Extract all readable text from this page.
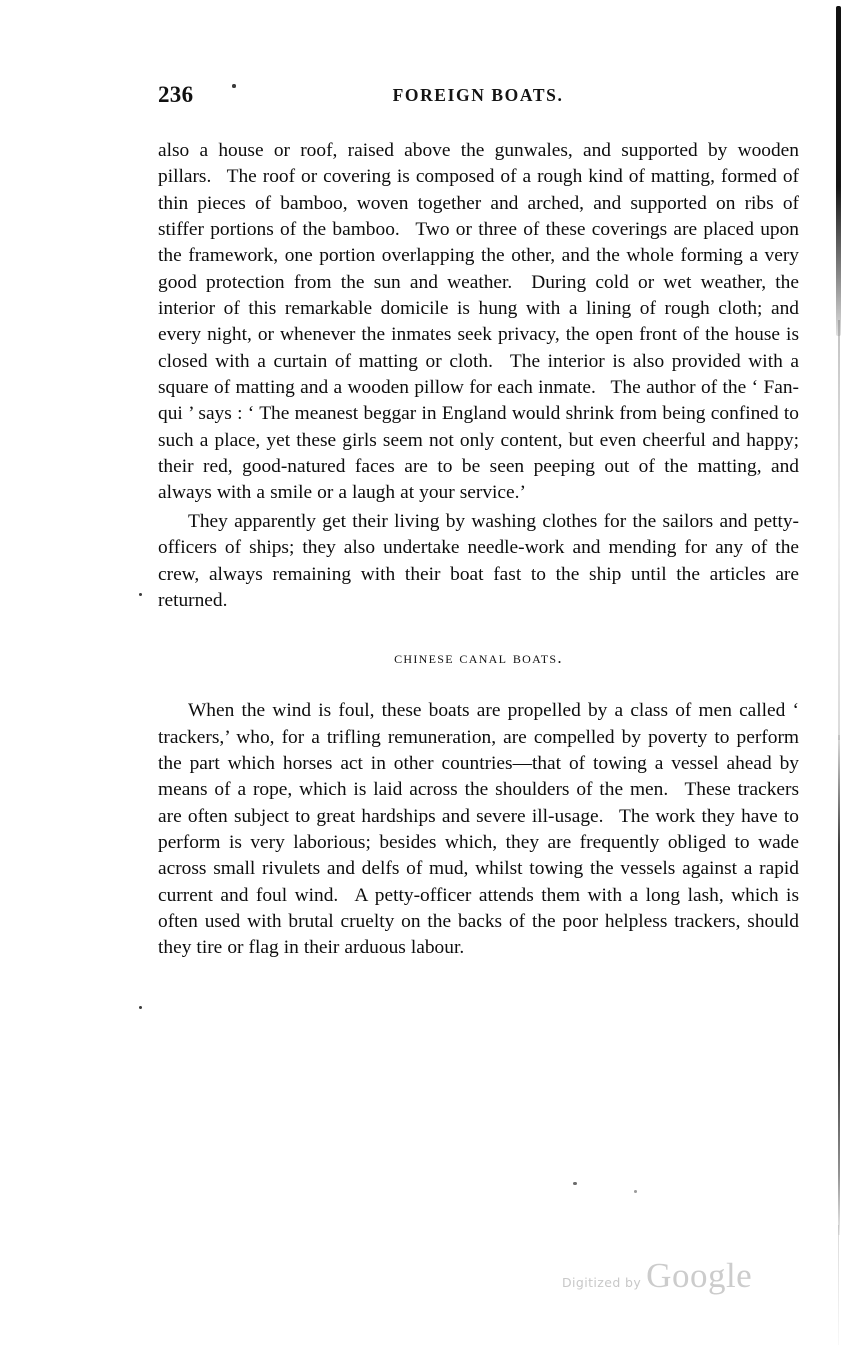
236	FOREIGN BOATS.

also a house or roof, raised above the gunwales, and supported by wooden pillars.  The roof or covering is composed of a rough kind of matting, formed of thin pieces of bamboo, woven together and arched, and supported on ribs of stiffer portions of the bamboo.  Two or three of these coverings are placed upon the framework, one portion overlapping the other, and the whole forming a very good protection from the sun and weather.  During cold or wet weather, the interior of this remarkable domicile is hung with a lining of rough cloth; and every night, or whenever the inmates seek privacy, the open front of the house is closed with a curtain of matting or cloth.  The interior is also provided with a square of matting and a wooden pillow for each inmate.  The author of the ‘ Fan-qui ’ says : ‘ The meanest beggar in England would shrink from being confined to such a place, yet these girls seem not only content, but even cheerful and happy; their red, good-natured faces are to be seen peeping out of the matting, and always with a smile or a laugh at your service.’

They apparently get their living by washing clothes for the sailors and petty-officers of ships; they also undertake needle-work and mending for any of the crew, always remaining with their boat fast to the ship until the articles are returned.

chinese canal boats.

When the wind is foul, these boats are propelled by a class of men called ‘ trackers,’ who, for a trifling remuneration, are compelled by poverty to perform the part which horses act in other countries—that of towing a vessel ahead by means of a rope, which is laid across the shoulders of the men.  These trackers are often subject to great hardships and severe ill-usage.  The work they have to perform is very laborious; besides which, they are frequently obliged to wade across small rivulets and delfs of mud, whilst towing the vessels against a rapid current and foul wind.  A petty-officer attends them with a long lash, which is often used with brutal cruelty on the backs of the poor helpless trackers, should they tire or flag in their arduous labour.

Digitized by Google
